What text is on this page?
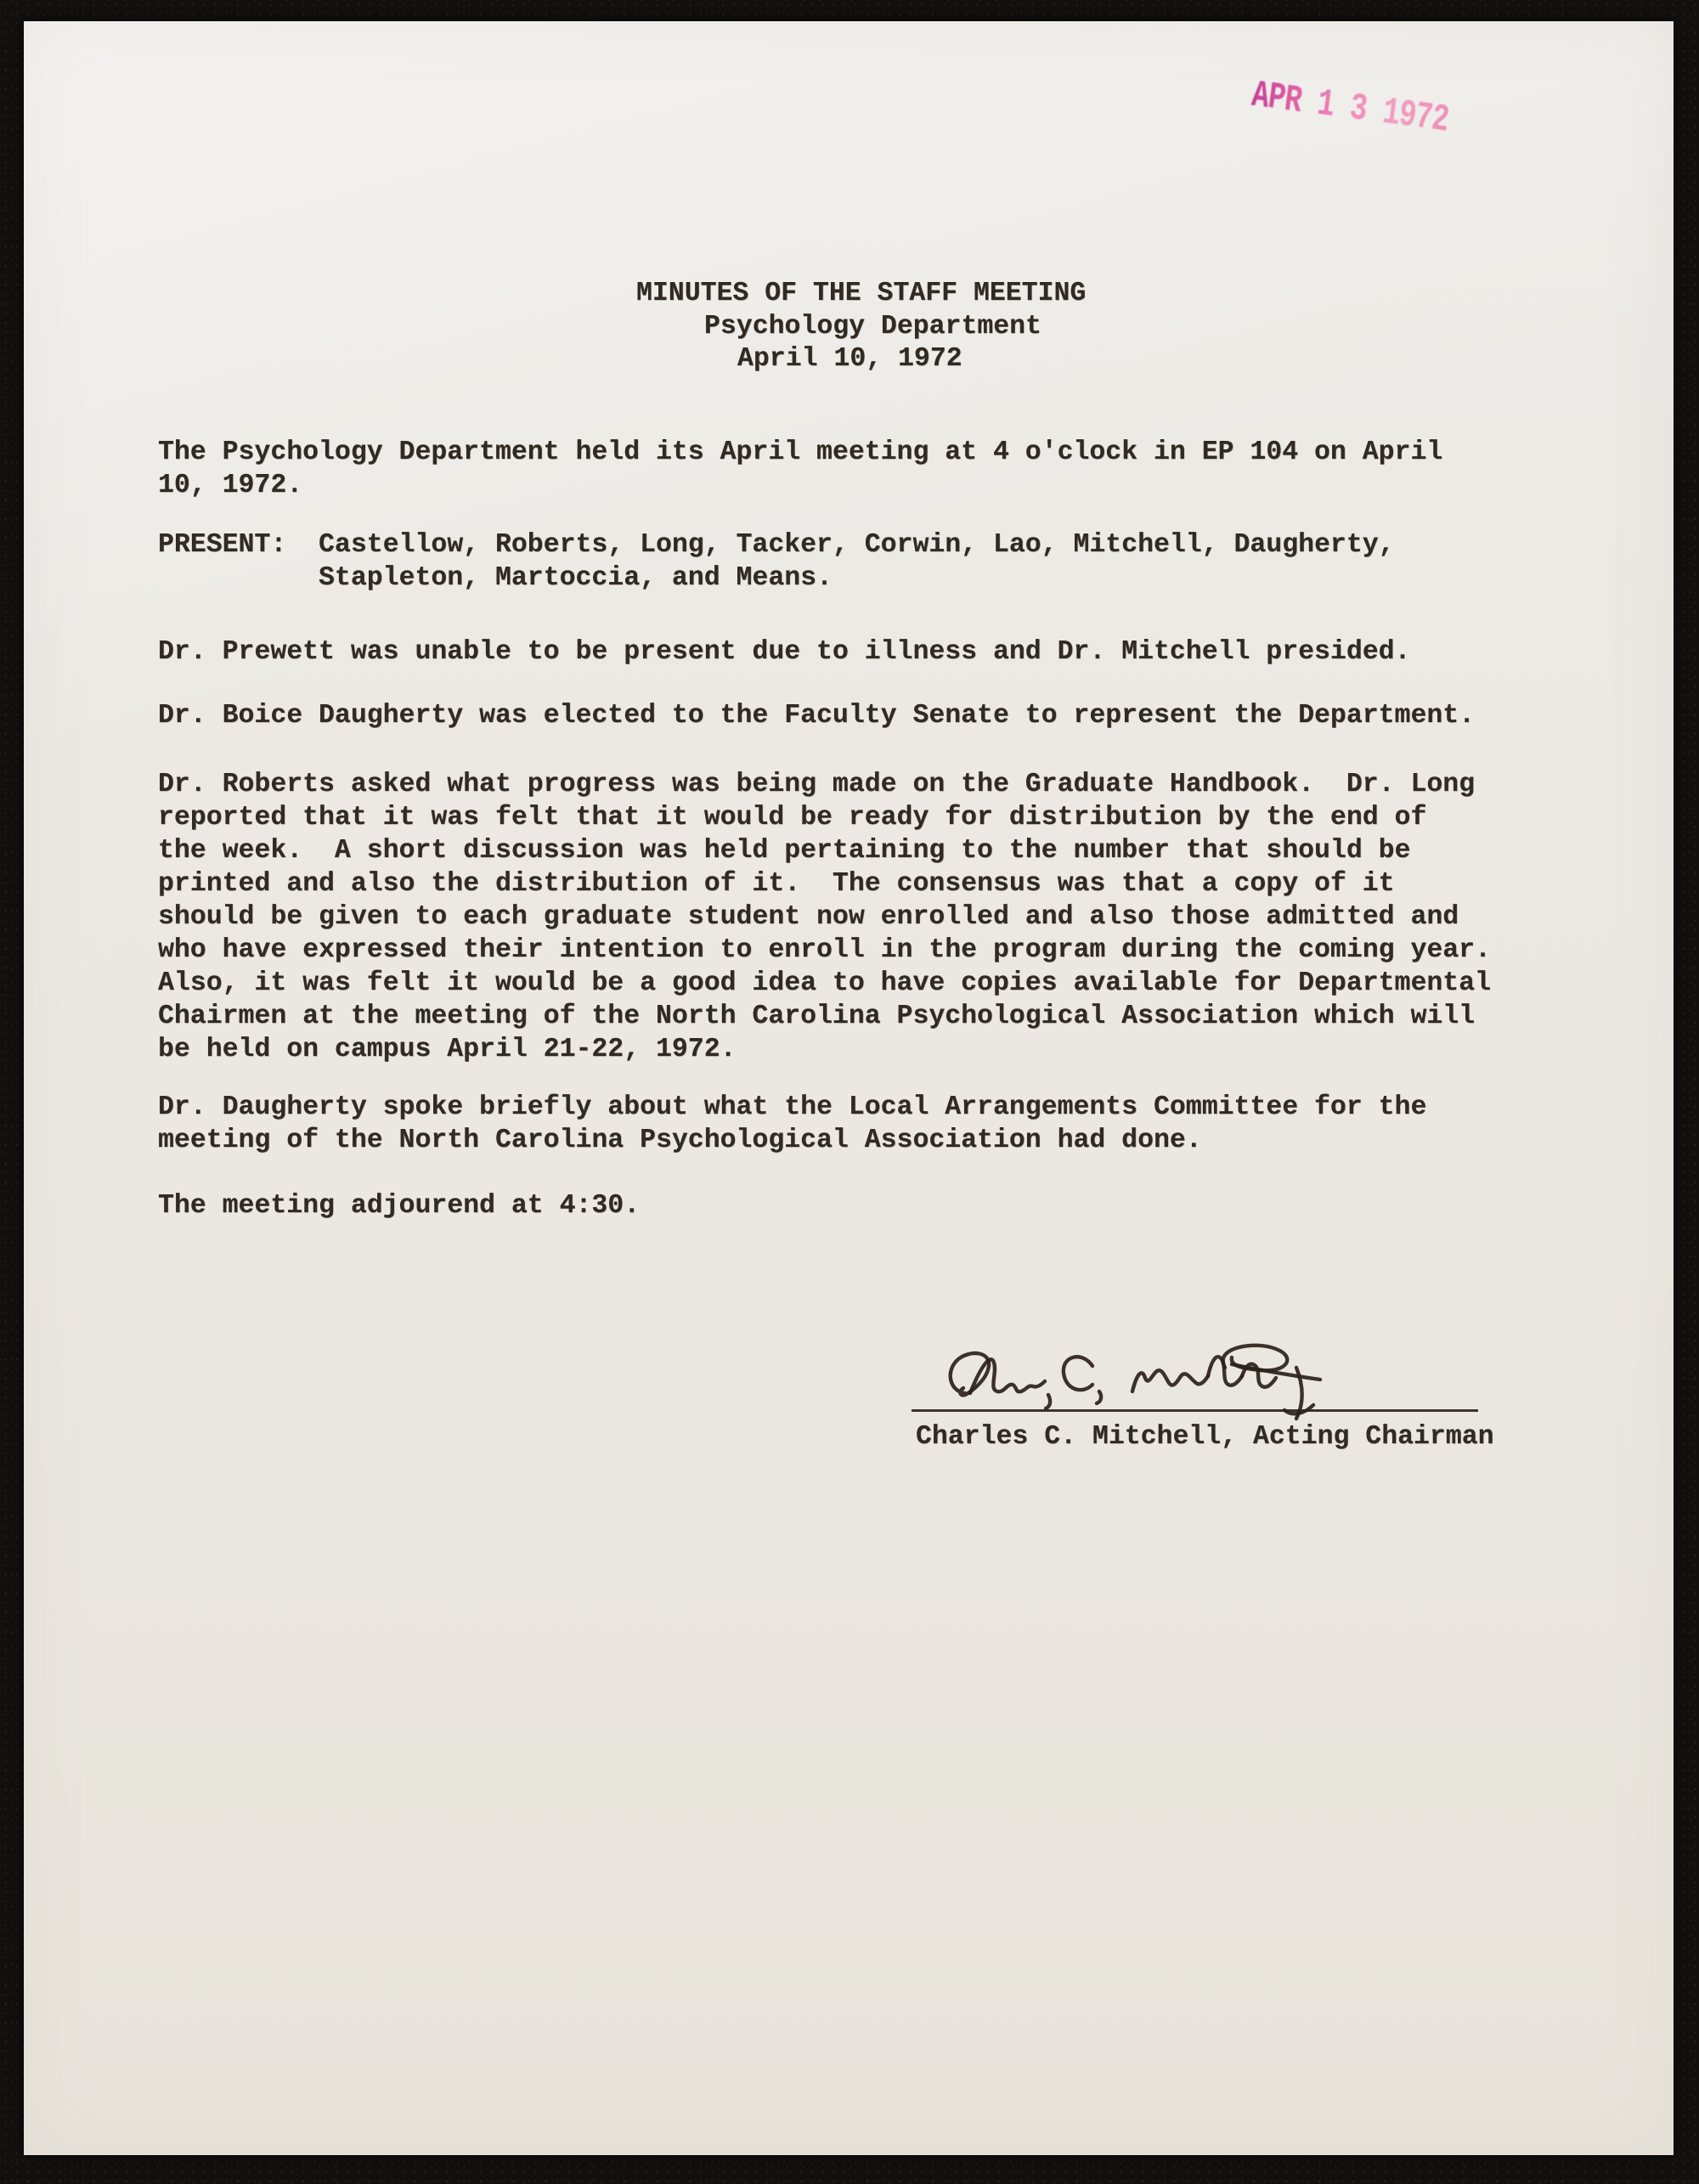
APR 1 3 1972
MINUTES OF THE STAFF MEETING
Psychology Department
April 10, 1972
The Psychology Department held its April meeting at 4 o'clock in EP 104 on April
10, 1972.
PRESENT:  Castellow, Roberts, Long, Tacker, Corwin, Lao, Mitchell, Daugherty,
Stapleton, Martoccia, and Means.
Dr. Prewett was unable to be present due to illness and Dr. Mitchell presided.
Dr. Boice Daugherty was elected to the Faculty Senate to represent the Department.
Dr. Roberts asked what progress was being made on the Graduate Handbook.  Dr. Long
reported that it was felt that it would be ready for distribution by the end of
the week.  A short discussion was held pertaining to the number that should be
printed and also the distribution of it.  The consensus was that a copy of it
should be given to each graduate student now enrolled and also those admitted and
who have expressed their intention to enroll in the program during the coming year.
Also, it was felt it would be a good idea to have copies available for Departmental
Chairmen at the meeting of the North Carolina Psychological Association which will
be held on campus April 21-22, 1972.
Dr. Daugherty spoke briefly about what the Local Arrangements Committee for the
meeting of the North Carolina Psychological Association had done.
The meeting adjourend at 4:30.
Charles C. Mitchell, Acting Chairman
